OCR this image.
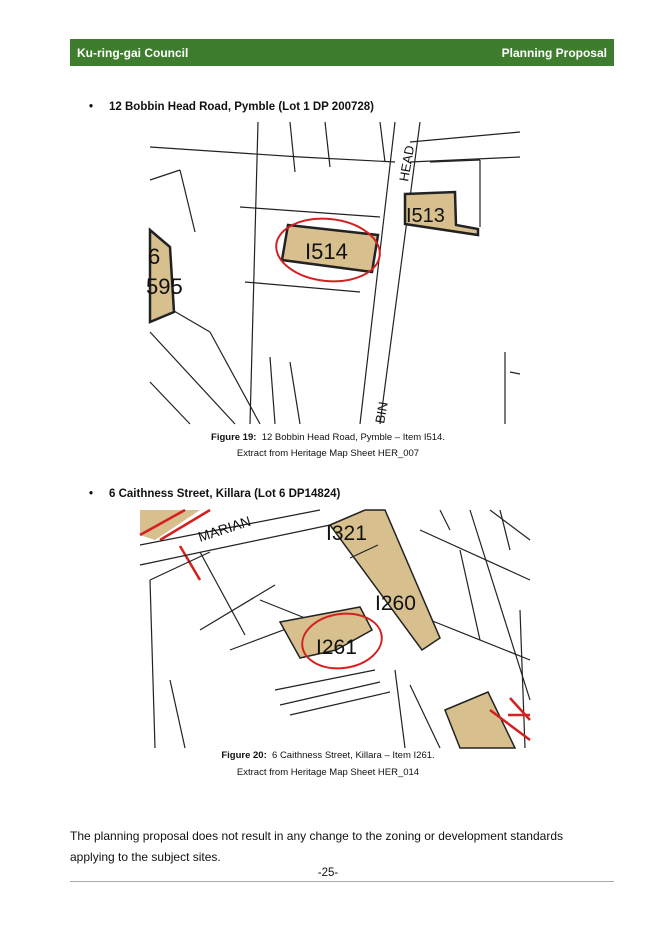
Ku-ring-gai Council	Planning Proposal
• 12 Bobbin Head Road, Pymble (Lot 1 DP 200728)
I513
I514
6
595
HEAD
BIN
Figure 19: 12 Bobbin Head Road, Pymble – Item I514.
Extract from Heritage Map Sheet HER_007
• 6 Caithness Street, Killara (Lot 6 DP14824)
MARIAN	I321
I260
I261
Figure 20: 6 Caithness Street, Killara – Item I261.
Extract from Heritage Map Sheet HER_014
The planning proposal does not result in any change to the zoning or development standards applying to the subject sites.
-25-
